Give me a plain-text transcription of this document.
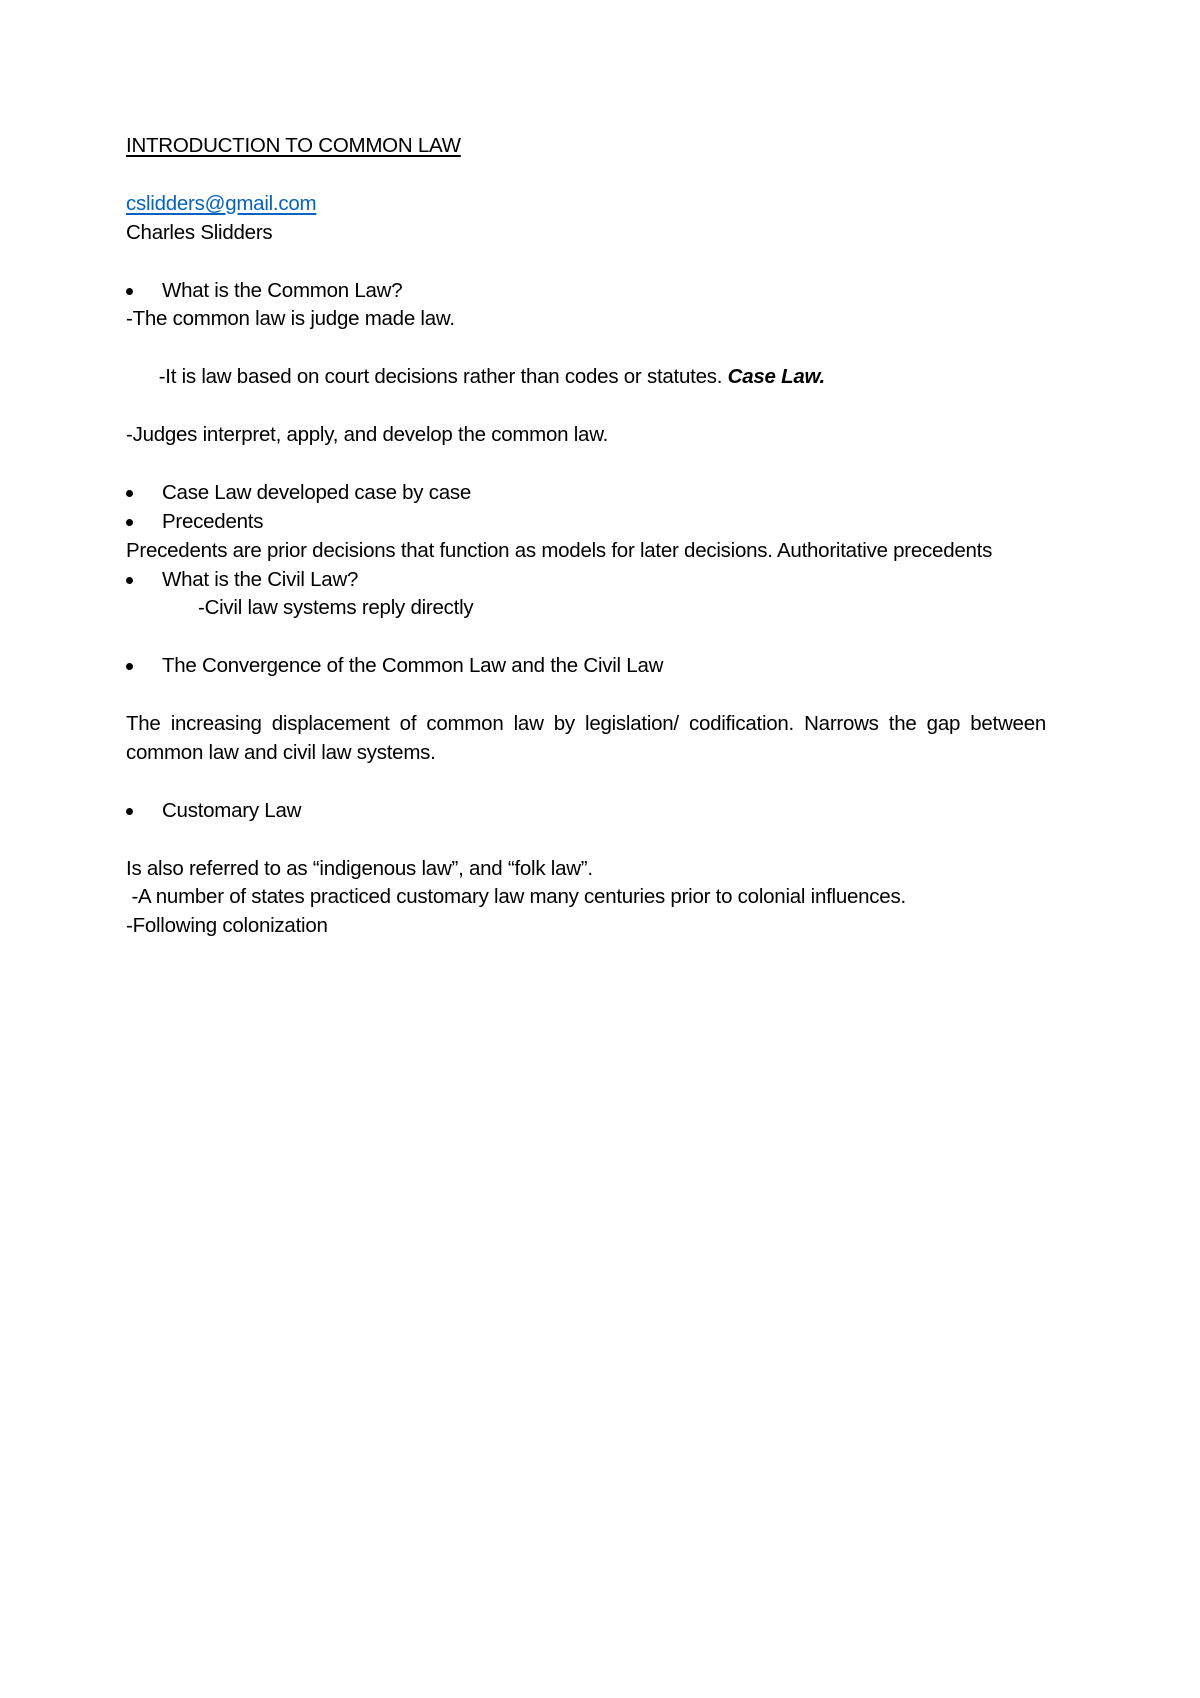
INTRODUCTION TO COMMON LAW
cslidders@gmail.com
Charles Slidders
What is the Common Law?
-The common law is judge made law.

-It is law based on court decisions rather than codes or statutes. Case Law.

-Judges interpret, apply, and develop the common law.
Case Law developed case by case
Precedents
Precedents are prior decisions that function as models for later decisions. Authoritative precedents
What is the Civil Law?
-Civil law systems reply directly
The Convergence of the Common Law and the Civil Law
The increasing displacement of common law by legislation/ codification. Narrows the gap between common law and civil law systems.
Customary Law
Is also referred to as “indigenous law”, and “folk law”.
-A number of states practiced customary law many centuries prior to colonial influences.
-Following colonization
